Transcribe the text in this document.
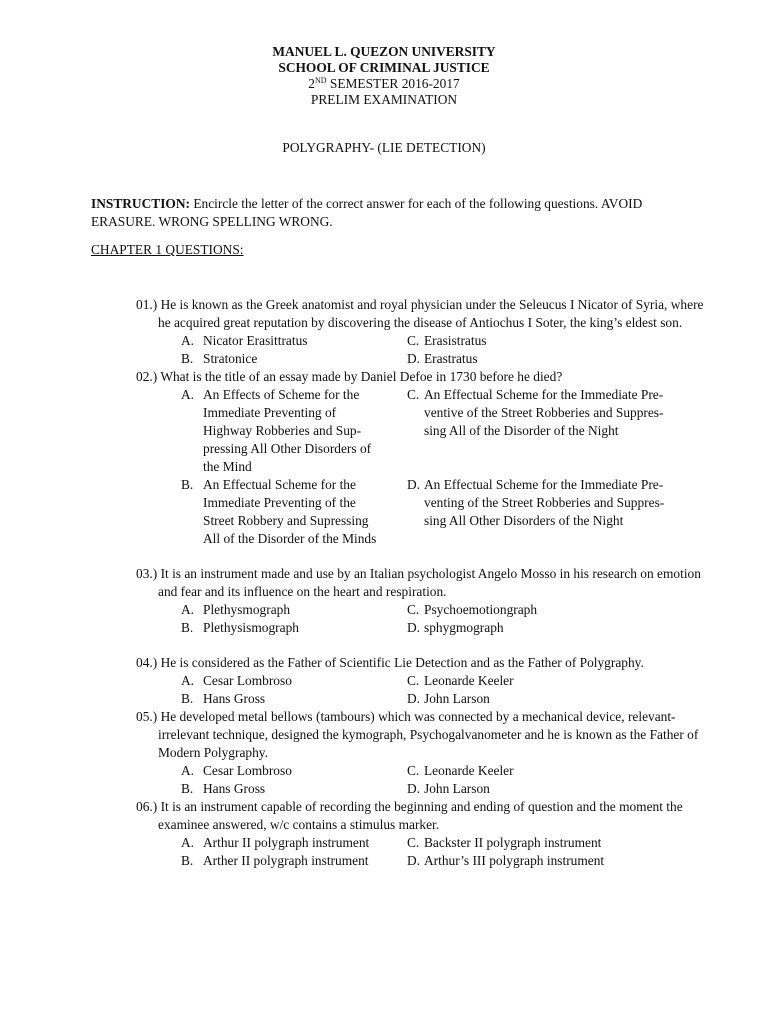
MANUEL L. QUEZON UNIVERSITY
SCHOOL OF CRIMINAL JUSTICE
2ND SEMESTER 2016-2017
PRELIM EXAMINATION
POLYGRAPHY- (LIE DETECTION)
INSTRUCTION: Encircle the letter of the correct answer for each of the following questions. AVOID ERASURE. WRONG SPELLING WRONG.
CHAPTER 1 QUESTIONS:
01.) He is known as the Greek anatomist and royal physician under the Seleucus I Nicator of Syria, where he acquired great reputation by discovering the disease of Antiochus I Soter, the king’s eldest son.
A. Nicator Erasittratus	C. Erasistratus
B. Stratonice	D. Erastratus
02.) What is the title of an essay made by Daniel Defoe in 1730 before he died?
A. An Effects of Scheme for the Immediate Preventing of Highway Robberies and Sup-pressing All Other Disorders of the Mind
C. An Effectual Scheme for the Immediate Pre-ventive of the Street Robberies and Suppres-sing All of the Disorder of the Night
B. An Effectual Scheme for the Immediate Preventing of the Street Robbery and Supressing All of the Disorder of the Minds
D. An Effectual Scheme for the Immediate Pre-venting of the Street Robberies and Suppres-sing All Other Disorders of the Night
03.) It is an instrument made and use by an Italian psychologist Angelo Mosso in his research on emotion and fear and its influence on the heart and respiration.
A. Plethysmograph	C. Psychoemotiongraph
B. Plethysismograph	D. sphygmograph
04.) He is considered as the Father of Scientific Lie Detection and as the Father of Polygraphy.
A. Cesar Lombroso	C. Leonarde Keeler
B. Hans Gross	D. John Larson
05.) He developed metal bellows (tambours) which was connected by a mechanical device, relevant-irrelevant technique, designed the kymograph, Psychogalvanometer and he is known as the Father of Modern Polygraphy.
A. Cesar Lombroso	C. Leonarde Keeler
B. Hans Gross	D. John Larson
06.) It is an instrument capable of recording the beginning and ending of question and the moment the examinee answered, w/c contains a stimulus marker.
A. Arthur II polygraph instrument	C. Backster II polygraph instrument
B. Arther II polygraph instrument	D. Arthur’s III polygraph instrument
